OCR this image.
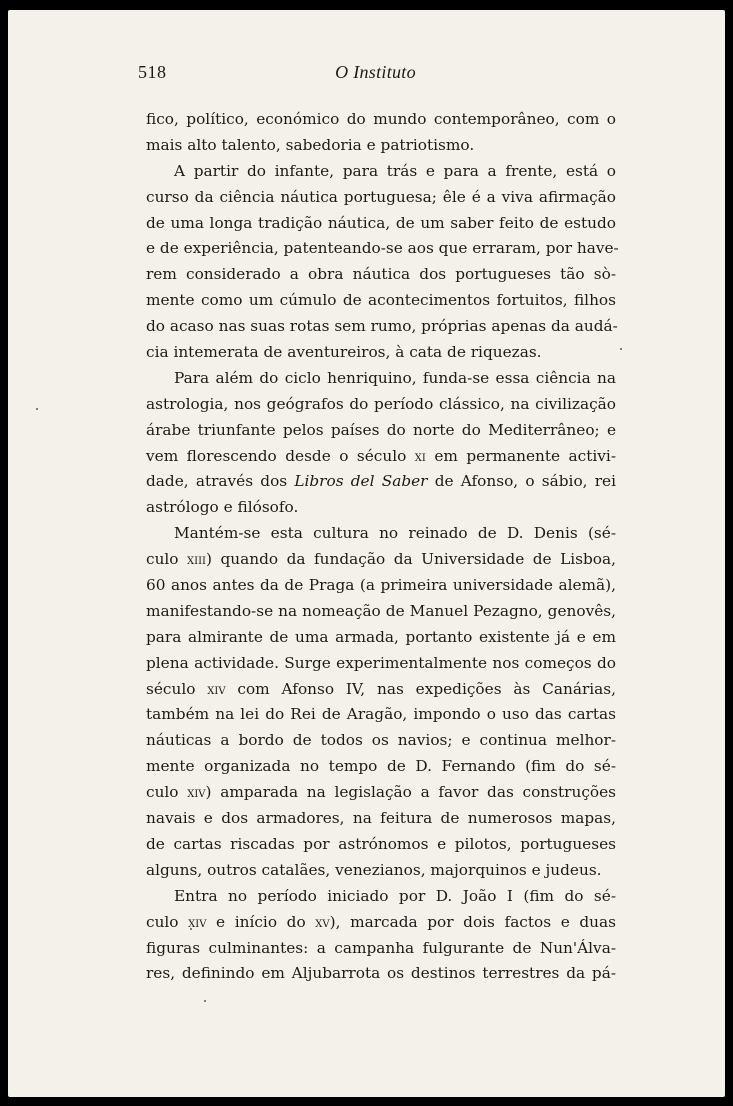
518	O Instituto
fico, político, económico do mundo contemporâneo, com o
mais alto talento, sabedoria e patriotismo.
A partir do infante, para trás e para a frente, está o
curso da ciência náutica portuguesa; êle é a viva afirmação
de uma longa tradição náutica, de um saber feito de estudo
e de experiência, patenteando-se aos que erraram, por have-
rem considerado a obra náutica dos portugueses tão sò-
mente como um cúmulo de acontecimentos fortuitos, filhos
do acaso nas suas rotas sem rumo, próprias apenas da audá-
cia intemerata de aventureiros, à cata de riquezas.
Para além do ciclo henriquino, funda-se essa ciência na
astrologia, nos geógrafos do período clássico, na civilização
árabe triunfante pelos países do norte do Mediterrâneo; e
vem florescendo desde o século xi em permanente activi-
dade, através dos Libros del Saber de Afonso, o sábio, rei
astrólogo e filósofo.
Mantém-se esta cultura no reinado de D. Denis (sé-
culo xiii) quando da fundação da Universidade de Lisboa,
60 anos antes da de Praga (a primeira universidade alemã),
manifestando-se na nomeação de Manuel Pezagno, genovês,
para almirante de uma armada, portanto existente já e em
plena actividade. Surge experimentalmente nos começos do
século xiv com Afonso IV, nas expedições às Canárias,
também na lei do Rei de Aragão, impondo o uso das cartas
náuticas a bordo de todos os navios; e continua melhor-
mente organizada no tempo de D. Fernando (fim do sé-
culo xiv) amparada na legislação a favor das construções
navais e dos armadores, na feitura de numerosos mapas,
de cartas riscadas por astrónomos e pilotos, portugueses
alguns, outros catalães, venezianos, majorquinos e judeus.
Entra no período iniciado por D. João I (fim do sé-
culo xiv e início do xv), marcada por dois factos e duas
figuras culminantes: a campanha fulgurante de Nun'Álva-
res, definindo em Aljubarrota os destinos terrestres da pá-
